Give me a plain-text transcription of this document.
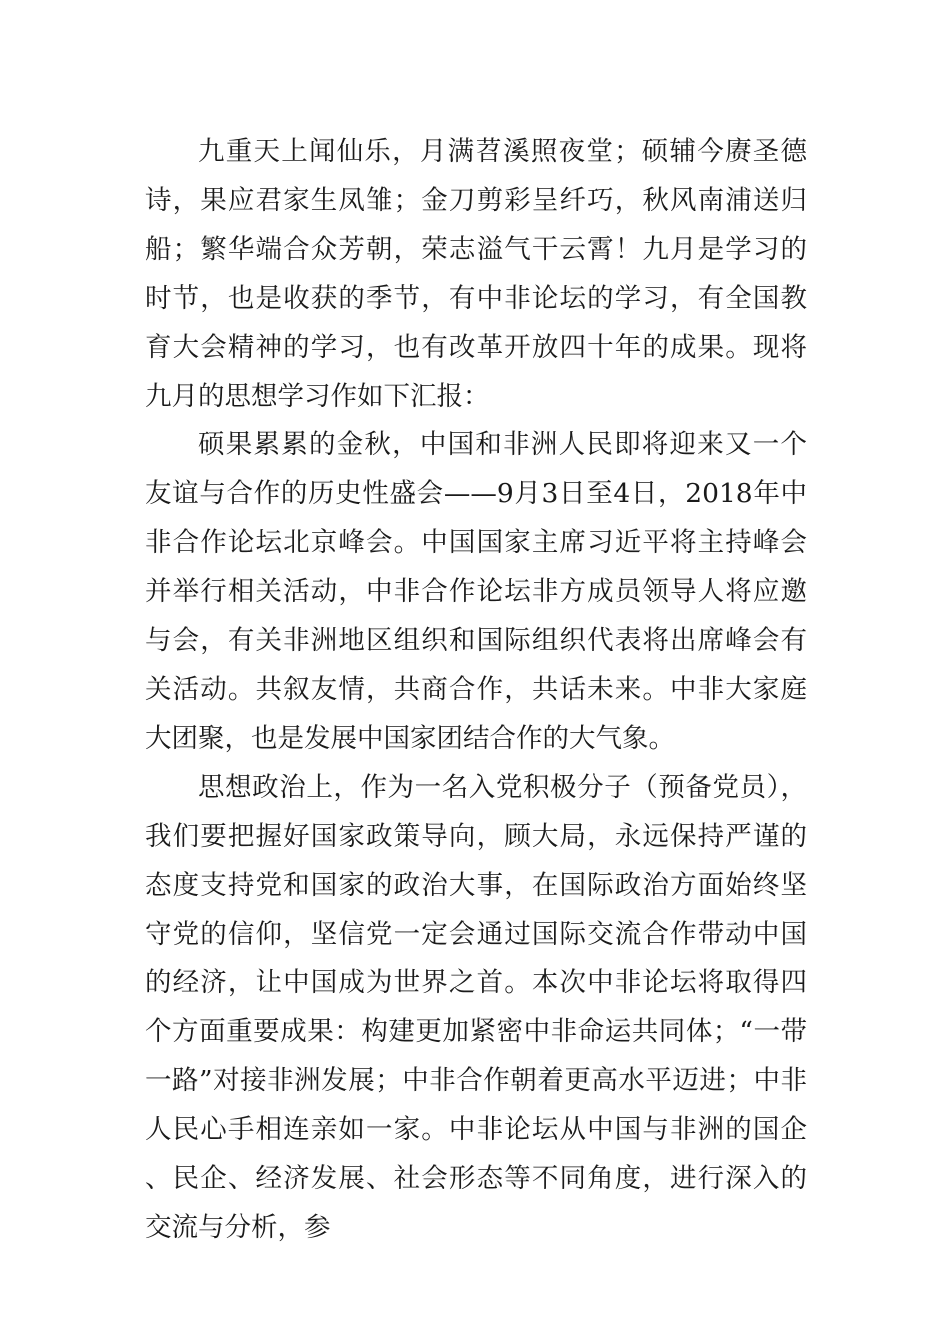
九重天上闻仙乐，月满苕溪照夜堂；硕辅今赓圣德诗，果应君家生凤雏；金刀剪彩呈纤巧，秋风南浦送归船；繁华端合众芳朝，荣志溢气干云霄！九月是学习的时节，也是收获的季节，有中非论坛的学习，有全国教育大会精神的学习，也有改革开放四十年的成果。现将九月的思想学习作如下汇报：

硕果累累的金秋，中国和非洲人民即将迎来又一个友谊与合作的历史性盛会——9月3日至4日，2018年中非合作论坛北京峰会。中国国家主席习近平将主持峰会并举行相关活动，中非合作论坛非方成员领导人将应邀与会，有关非洲地区组织和国际组织代表将出席峰会有关活动。共叙友情，共商合作，共话未来。中非大家庭大团聚，也是发展中国家团结合作的大气象。

思想政治上，作为一名入党积极分子（预备党员），我们要把握好国家政策导向，顾大局，永远保持严谨的态度支持党和国家的政治大事，在国际政治方面始终坚守党的信仰，坚信党一定会通过国际交流合作带动中国的经济，让中国成为世界之首。本次中非论坛将取得四个方面重要成果：构建更加紧密中非命运共同体；“一带一路”对接非洲发展；中非合作朝着更高水平迈进；中非人民心手相连亲如一家。中非论坛从中国与非洲的国企、民企、经济发展、社会形态等不同角度，进行深入的交流与分析，参
